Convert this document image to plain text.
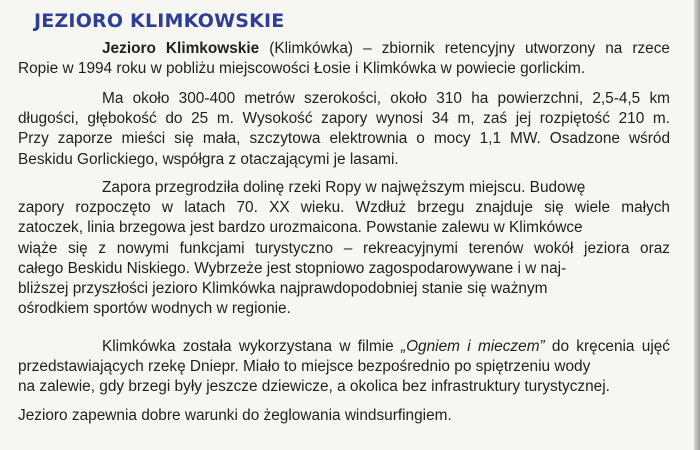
JEZIORO KLIMKOWSKIE
Jezioro Klimkowskie (Klimkówka) – zbiornik retencyjny utworzony na rzece
Ropie w 1994 roku w pobliżu miejscowości Łosie i Klimkówka w powiecie gorlickim.
Ma około 300-400 metrów szerokości, około 310 ha powierzchni, 2,5-4,5 km
długości, głębokość do 25 m. Wysokość zapory wynosi 34 m, zaś jej rozpiętość 210 m.
Przy zaporze mieści się mała, szczytowa elektrownia o mocy 1,1 MW. Osadzone wśród
Beskidu Gorlickiego, współgra z otaczającymi je lasami.
Zapora przegrodziła dolinę rzeki Ropy w najwęższym miejscu. Budowę
zapory rozpoczęto w latach 70. XX wieku. Wzdłuż brzegu znajduje się wiele małych
zatoczek, linia brzegowa jest bardzo urozmaicona. Powstanie zalewu w Klimkówce
wiąże się z nowymi funkcjami turystyczno – rekreacyjnymi terenów wokół jeziora oraz
całego Beskidu Niskiego. Wybrzeże jest stopniowo zagospodarowywane i w naj-
bliższej przyszłości jezioro Klimkówka najprawdopodobniej stanie się ważnym
ośrodkiem sportów wodnych w regionie.
Klimkówka została wykorzystana w filmie „Ogniem i mieczem” do kręcenia ujęć
przedstawiających rzekę Dniepr. Miało to miejsce bezpośrednio po spiętrzeniu wody
na zalewie, gdy brzegi były jeszcze dziewicze, a okolica bez infrastruktury turystycznej.
Jezioro zapewnia dobre warunki do żeglowania windsurfingiem.
